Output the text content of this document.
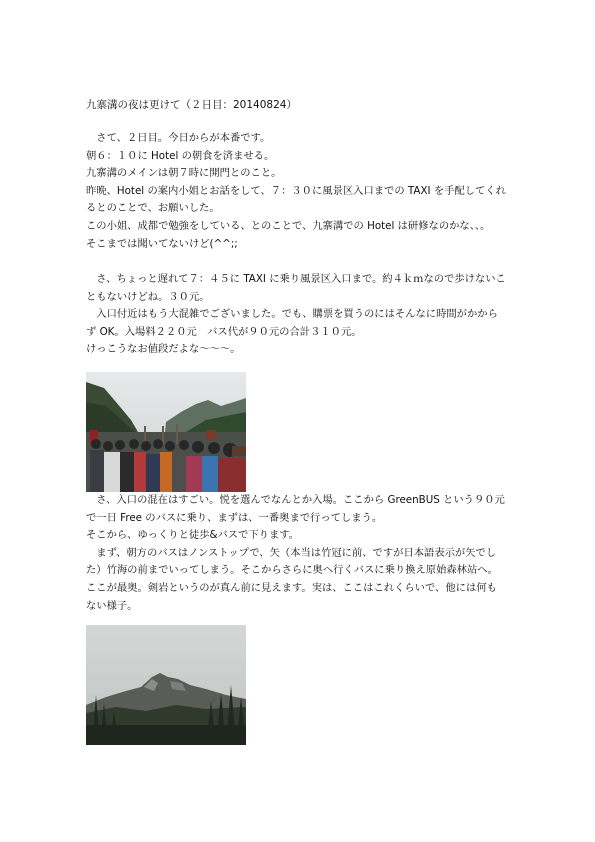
九寨溝の夜は更けて（２日目：20140824）

　さて、２日目。今日からが本番です。

朝６：１０に Hotel の朝食を済ませる。

九寨溝のメインは朝７時に開門とのこと。

昨晩、Hotel の案内小姐とお話をして、７：３０に風景区入口までの TAXI を手配してくれ

るとのことで、お願いした。

この小姐、成都で勉強をしている、とのことで、九寨溝での Hotel は研修なのかな、、。

そこまでは聞いてないけど(^^;;

　さ、ちょっと遅れて７：４５に TAXI に乗り風景区入口まで。約４ｋｍなので歩けないこ

ともないけどね。３０元。

　入口付近はもう大混雑でございました。でも、購票を買うのにはそんなに時間がかから

ず OK。入場料２２０元　バス代が９０元の合計３１０元。

けっこうなお値段だよな～～～。

　さ、入口の混在はすごい。悦を選んでなんとか入場。ここから GreenBUS という９０元

で一日 Free のバスに乗り、まずは、一番奥まで行ってしまう。

そこから、ゆっくりと徒歩&バスで下ります。

　まず、朝方のバスはノンストップで、矢（本当は竹冠に前、ですが日本語表示が矢でし

た）竹海の前までいってしまう。そこからさらに奥へ行くバスに乗り換え原始森林站へ。

ここが最奥。剣岩というのが真ん前に見えます。実は、ここはこれくらいで、他には何も

ない様子。
